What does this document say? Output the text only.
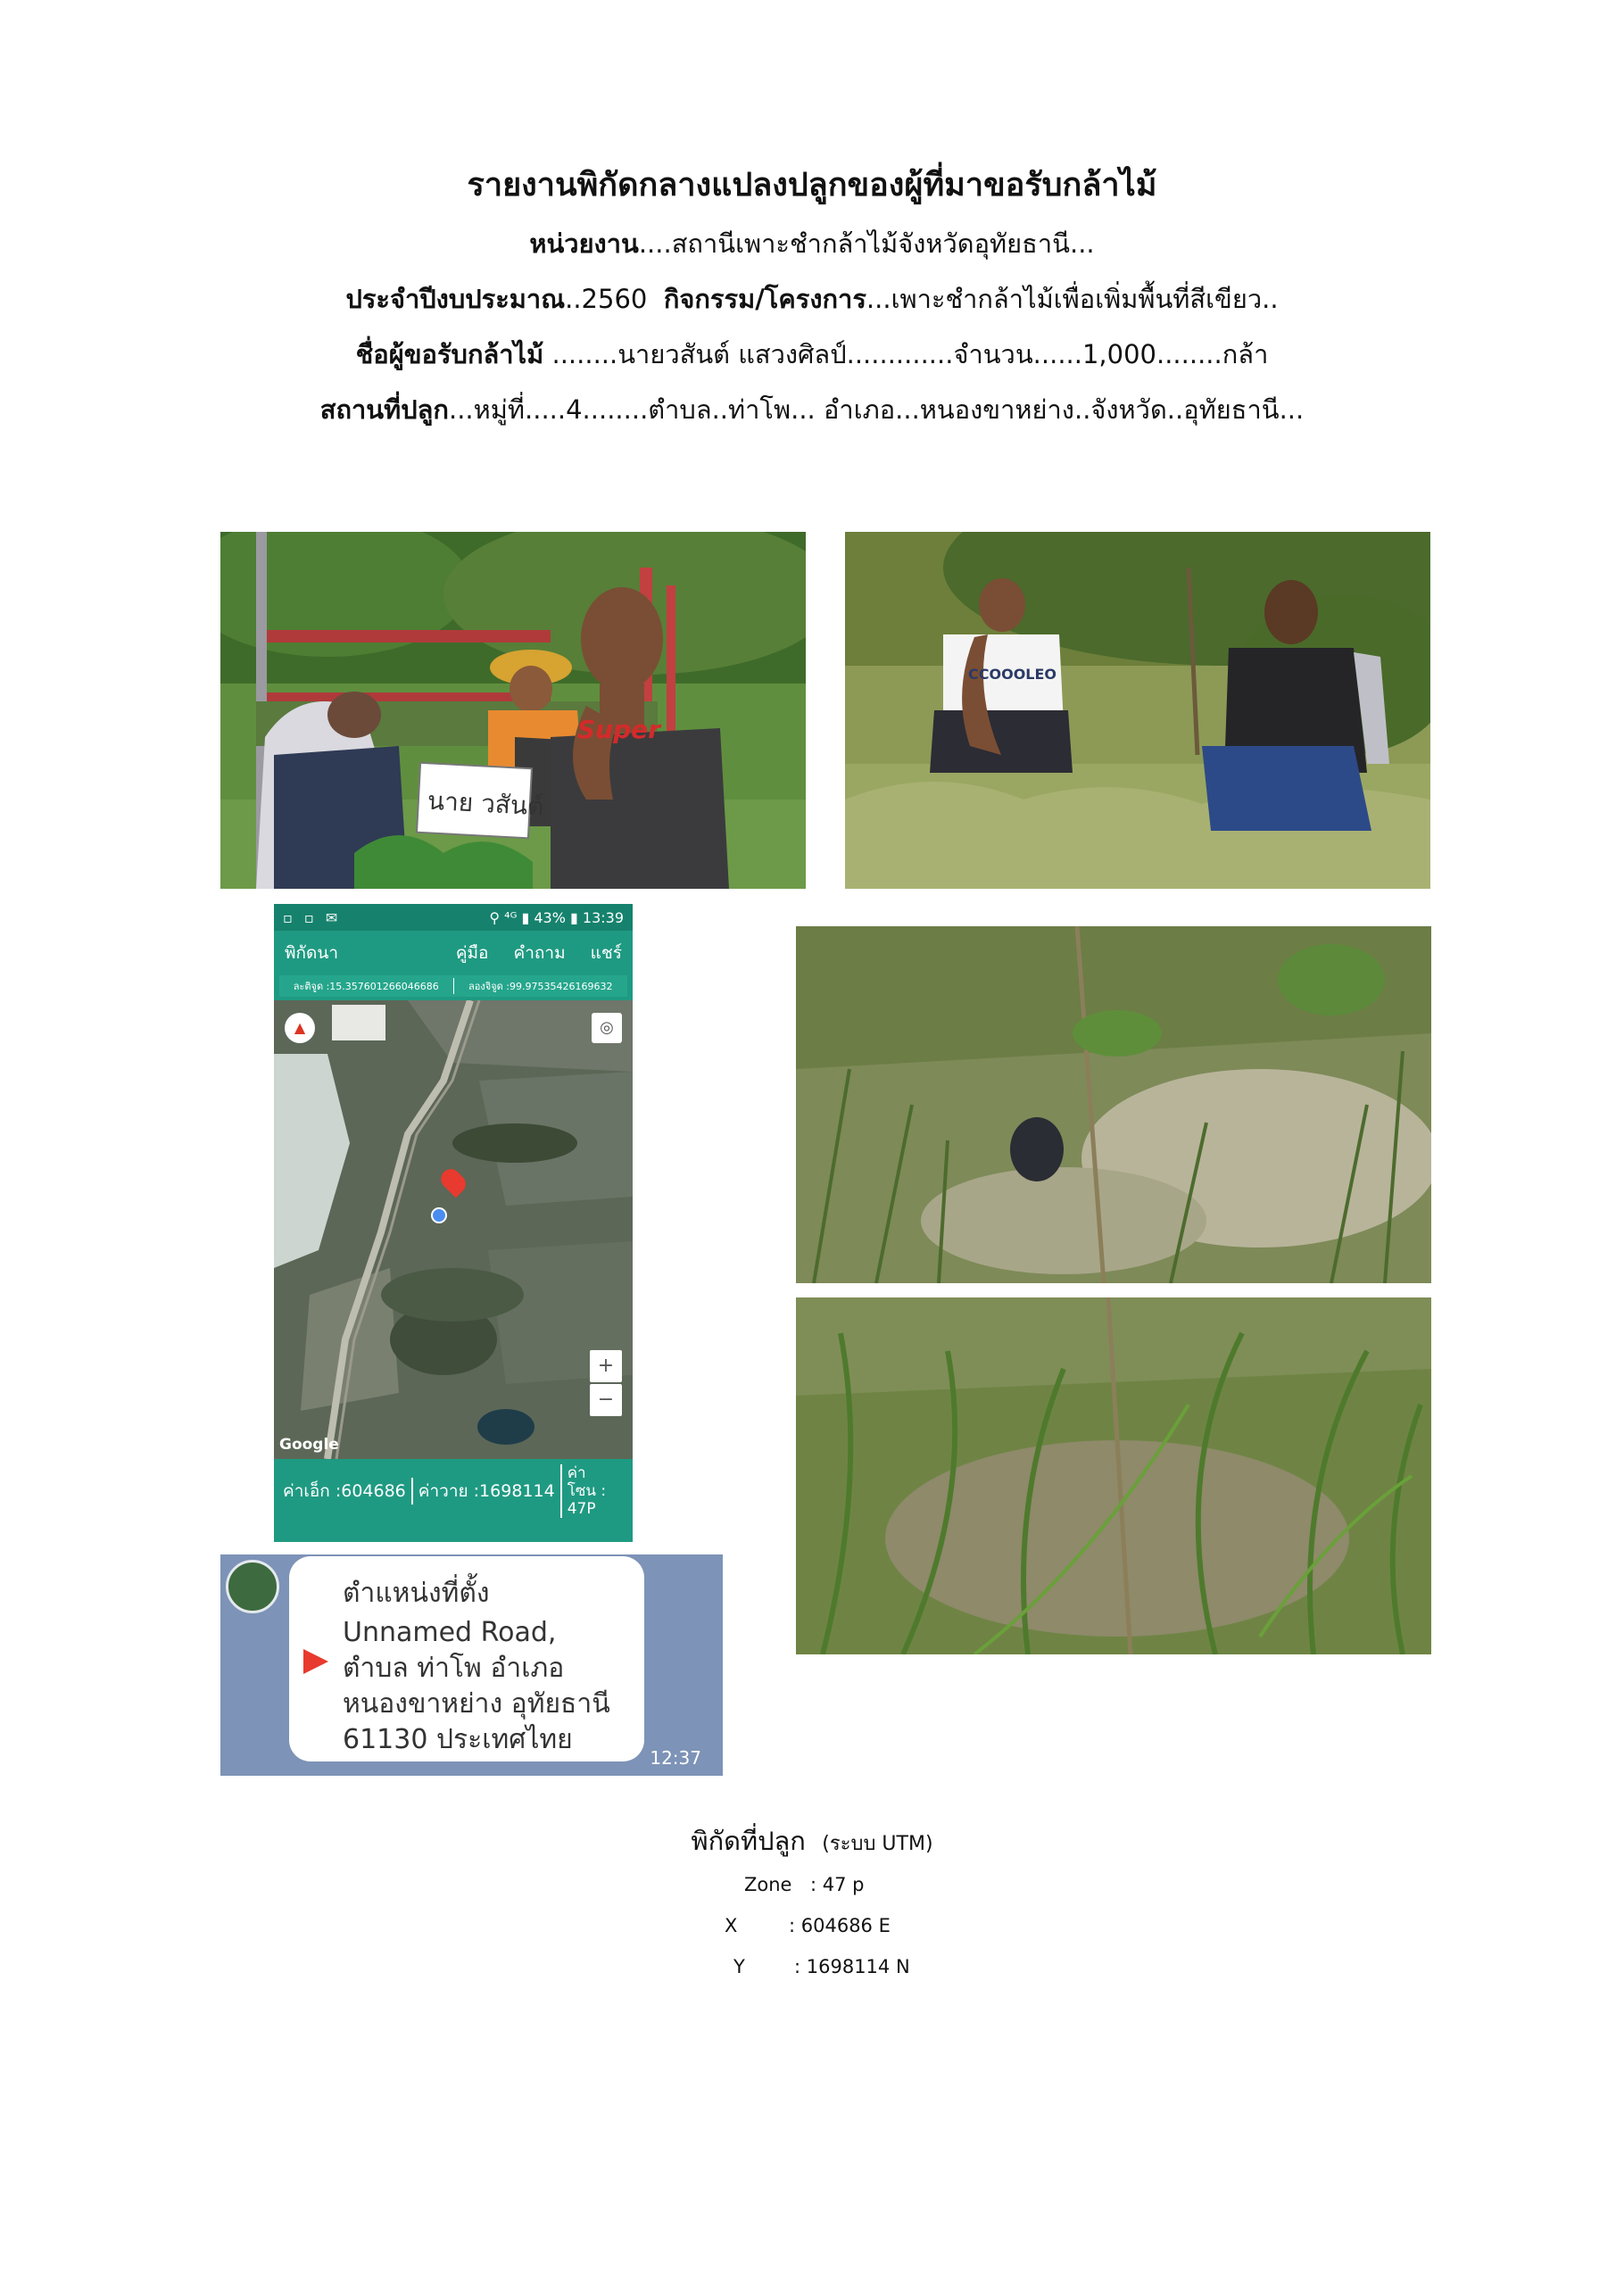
รายงานพิกัดกลางแปลงปลูกของผู้ที่มาขอรับกล้าไม้
หน่วยงาน....สถานีเพาะชำกล้าไม้จังหวัดอุทัยธานี...
ประจำปีงบประมาณ..2560 กิจกรรม/โครงการ...เพาะชำกล้าไม้เพื่อเพิ่มพื้นที่สีเขียว..
ชื่อผู้ขอรับกล้าไม้ ........นายวสันต์ แสวงศิลป์.............จำนวน......1,000........กล้า
สถานที่ปลูก...หมู่ที่.....4........ตำบล..ท่าโพ... อำเภอ...หนองขาหย่าง..จังหวัด..อุทัยธานี...
นาย วสันต์
Super
CCOOOLEO
▫ ▫ ✉	⚲ ⁴ᴳ ▮ 43% ▮ 13:39
พิกัดนา	คู่มือ คำถาม แชร์
ละติจูด :15.357601266046686	ลองจิจูด :99.97535426169632
▲	◎
+
−
Google
ค่าเอ็ก :604686 ค่าวาย :1698114
ค่า โซน : 47P
ตำแหน่งที่ตั้ง
Unnamed Road, ตำบล ท่าโพ อำเภอ หนองขาหย่าง อุทัยธานี 61130 ประเทศไทย
12:37
พิกัดที่ปลูก (ระบบ UTM)
Zone : 47 p
X	: 604686 E
Y	: 1698114 N
